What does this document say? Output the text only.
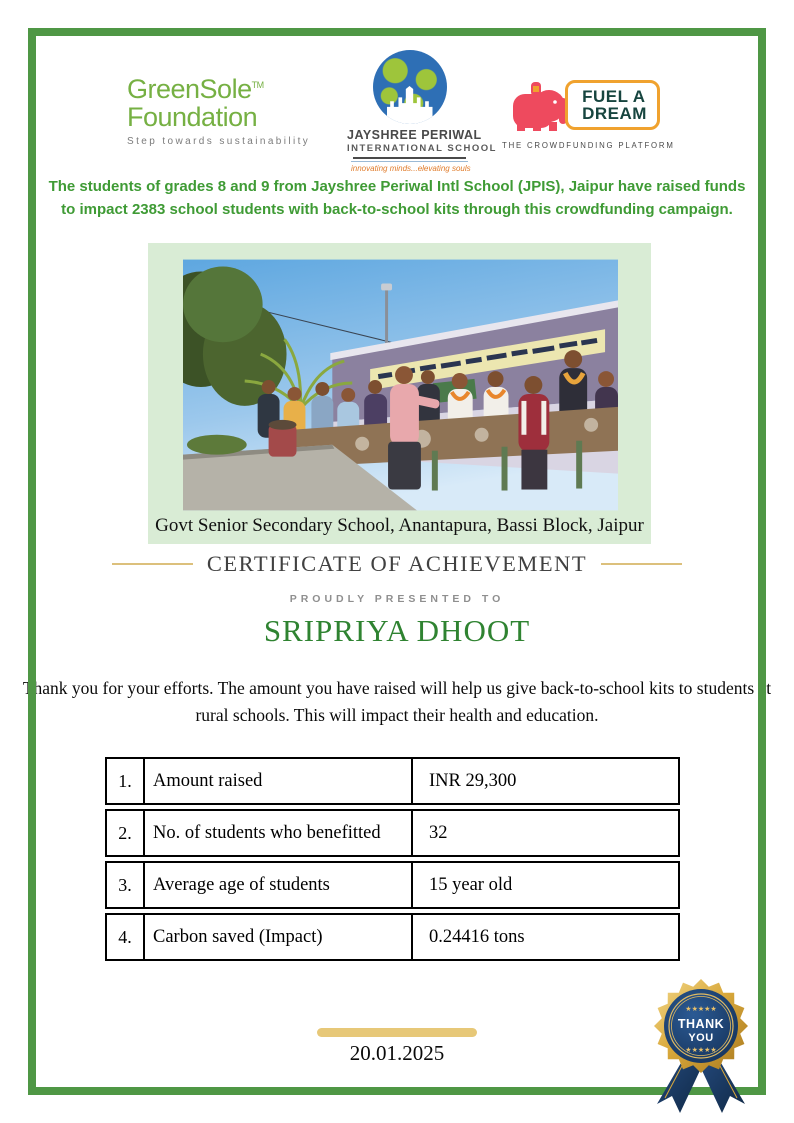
GreenSole™
Foundation
Step towards sustainability	JAYSHREE PERIWAL
INTERNATIONAL SCHOOL
innovating minds...elevating souls
FUEL A
DREAM
THE CROWDFUNDING PLATFORM
The students of grades 8 and 9 from Jayshree Periwal Intl School (JPIS), Jaipur have raised funds to impact 2383 school students with back-to-school kits through this crowdfunding campaign.
Govt Senior Secondary School, Anantapura, Bassi Block, Jaipur
CERTIFICATE OF ACHIEVEMENT
PROUDLY PRESENTED TO
SRIPRIYA DHOOT
Thank you for your efforts. The amount you have raised will help us give back-to-school kits to students at rural schools. This will impact their health and education.
1.	Amount raised	INR 29,300
2.	No. of students who benefitted	32
3.	Average age of students	15 year old
4.	Carbon saved (Impact)	0.24416 tons
20.01.2025
★★★★★
THANK
YOU
★★★★★
